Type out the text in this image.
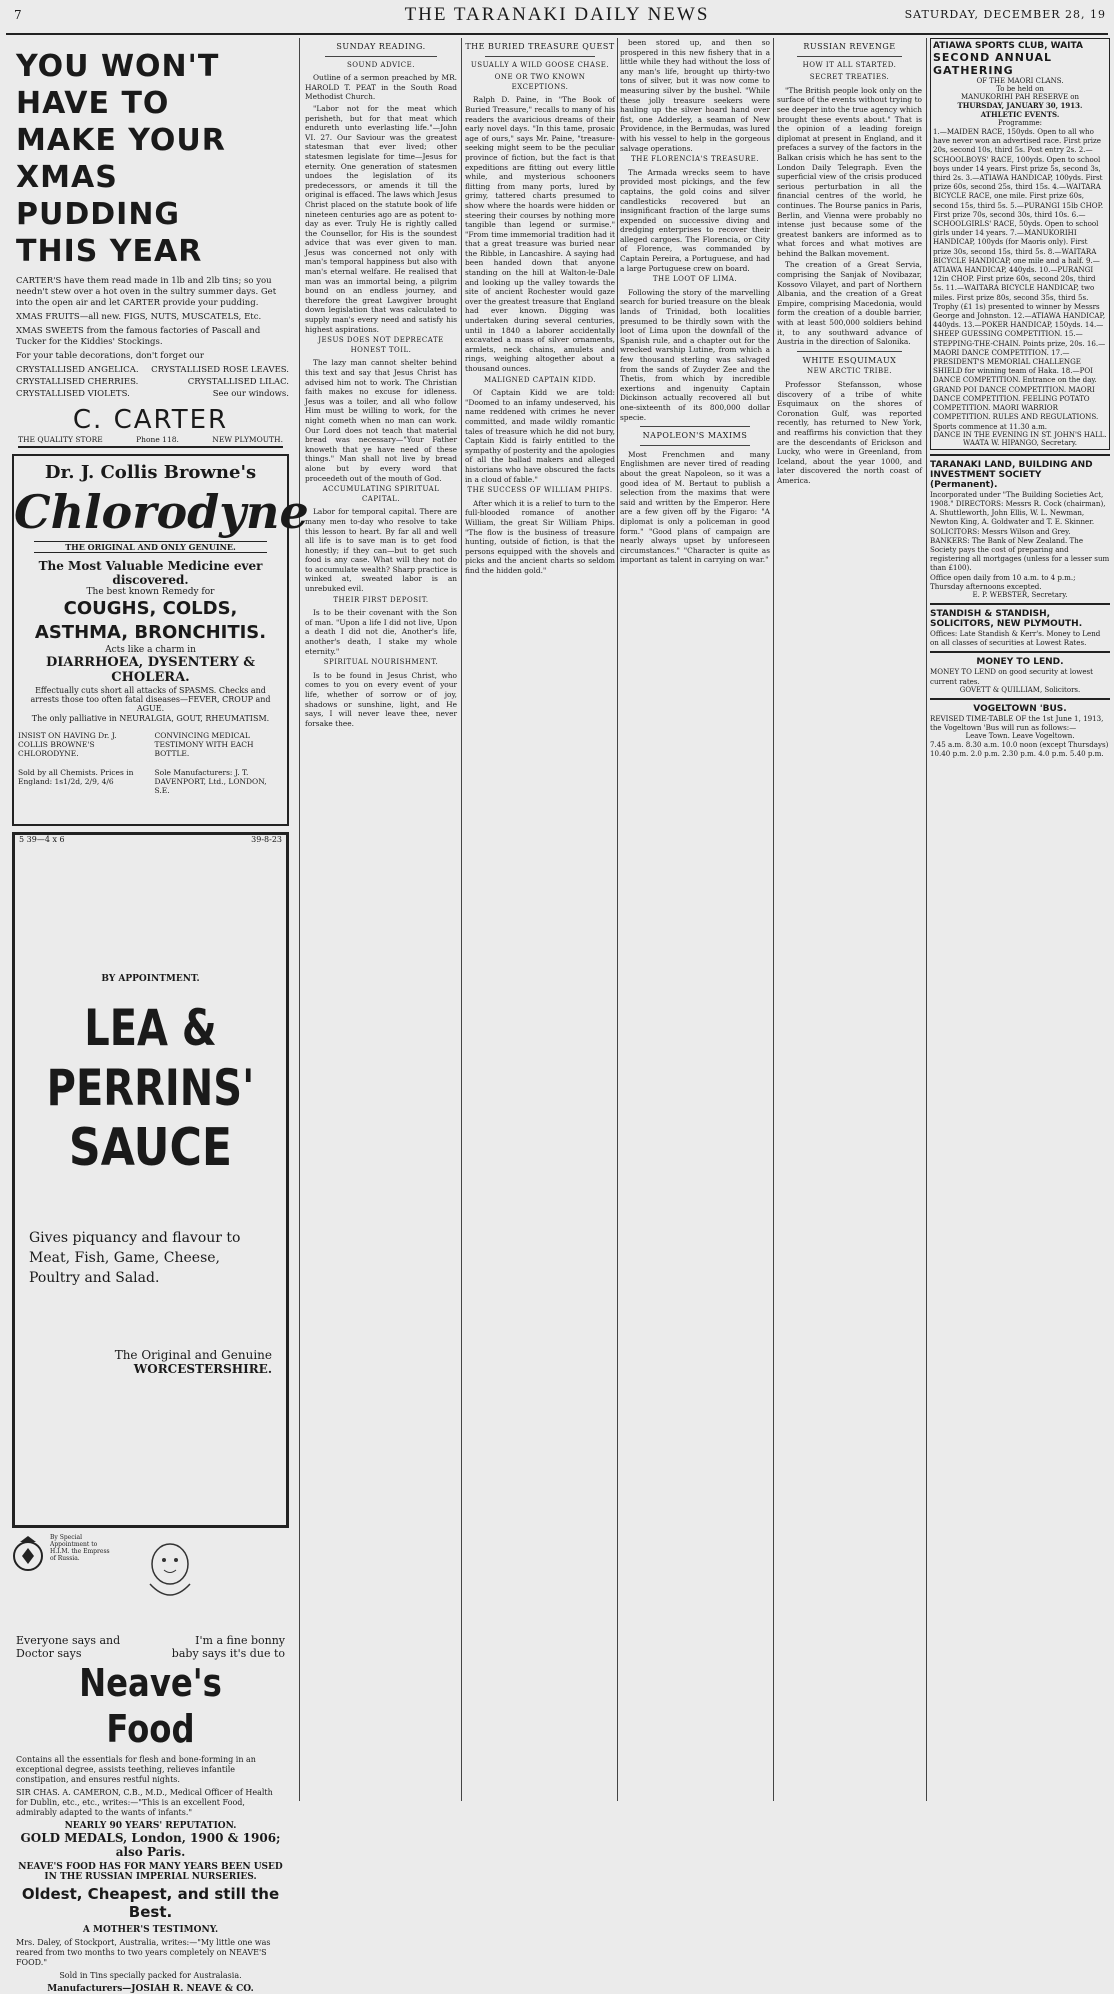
7	THE TARANAKI DAILY NEWS	SATURDAY, DECEMBER 28, 19
YOU WON'T HAVE TO
MAKE YOUR
XMAS PUDDING
THIS YEAR

CARTER'S have them read made in 1lb and 2lb tins; so you needn't stew over a hot oven in the sultry summer days. Get into the open air and let CARTER provide your pudding.

XMAS FRUITS—all new. FIGS, NUTS, MUSCATELS, Etc.

XMAS SWEETS from the famous factories of Pascall and Tucker for the Kiddies' Stockings.

For your table decorations, don't forget our

CRYSTALLISED ANGELICA. CRYSTALLISED ROSE LEAVES.
CRYSTALLISED CHERRIES.	CRYSTALLISED LILAC.
CRYSTALLISED VIOLETS.	See our windows.
C. CARTER
THE QUALITY STORE	Phone 118.	NEW PLYMOUTH.
Dr. J. Collis Browne's
Chlorodyne
THE ORIGINAL AND ONLY GENUINE.
The Most Valuable Medicine ever discovered.
The best known Remedy for
COUGHS, COLDS,
ASTHMA, BRONCHITIS.
Acts like a charm in
DIARRHOEA, DYSENTERY & CHOLERA.
Effectually cuts short all attacks of SPASMS. Checks and arrests those too often fatal diseases—FEVER, CROUP and AGUE.
The only palliative in NEURALGIA, GOUT, RHEUMATISM.
INSIST ON HAVING Dr. J. COLLIS BROWNE'S CHLORODYNE.
CONVINCING MEDICAL TESTIMONY WITH EACH BOTTLE.
Sold by all Chemists. Prices in England: 1s1/2d, 2/9, 4/6
Sole Manufacturers: J. T. DAVENPORT, Ltd., LONDON, S.E.
5 39—4 x 6	39-8-23
BY APPOINTMENT.
LEA & PERRINS'
SAUCE
Gives piquancy and flavour to
Meat, Fish, Game, Cheese,
Poultry and Salad.
The Original and Genuine
WORCESTERSHIRE.
By Special Appointment to H.I.M. the Empress of Russia.
Everyone says and Doctor says
I'm a fine bonny baby says it's due to
Neave's Food

Contains all the essentials for flesh and bone-forming in an exceptional degree, assists teething, relieves infantile constipation, and ensures restful nights.

SIR CHAS. A. CAMERON, C.B., M.D., Medical Officer of Health for Dublin, etc., etc., writes:—"This is an excellent Food, admirably adapted to the wants of infants."

NEARLY 90 YEARS' REPUTATION.
GOLD MEDALS, London, 1900 & 1906; also Paris.

NEAVE'S FOOD HAS FOR MANY YEARS BEEN USED IN THE RUSSIAN IMPERIAL NURSERIES.

Oldest, Cheapest, and still the Best.
A MOTHER'S TESTIMONY.

Mrs. Daley, of Stockport, Australia, writes:—"My little one was reared from two months to two years completely on NEAVE'S FOOD."

Sold in Tins specially packed for Australasia.

Manufacturers—JOSIAH R. NEAVE & CO.

SUNDAY READING.
SOUND ADVICE.

Outline of a sermon preached by MR. HAROLD T. PEAT in the South Road Methodist Church.

"Labor not for the meat which perisheth, but for that meat which endureth unto everlasting life."—John VI. 27. Our Saviour was the greatest statesman that ever lived; other statesmen legislate for time—Jesus for eternity. One generation of statesmen undoes the legislation of its predecessors, or amends it till the original is effaced. The laws which Jesus Christ placed on the statute book of life nineteen centuries ago are as potent to-day as ever. Truly He is rightly called the Counsellor, for His is the soundest advice that was ever given to man. Jesus was concerned not only with man's temporal happiness but also with man's eternal welfare. He realised that man was an immortal being, a pilgrim bound on an endless journey, and therefore the great Lawgiver brought down legislation that was calculated to supply man's every need and satisfy his highest aspirations.

JESUS DOES NOT DEPRECATE HONEST TOIL.

The lazy man cannot shelter behind this text and say that Jesus Christ has advised him not to work. The Christian faith makes no excuse for idleness. Jesus was a toiler, and all who follow Him must be willing to work, for the night cometh when no man can work. Our Lord does not teach that material bread was necessary—"Your Father knoweth that ye have need of these things." Man shall not live by bread alone but by every word that proceedeth out of the mouth of God.

ACCUMULATING SPIRITUAL CAPITAL.

Labor for temporal capital. There are many men to-day who resolve to take this lesson to heart. By far all and well all life is to save man is to get food honestly; if they can—but to get such food is any case. What will they not do to accumulate wealth? Sharp practice is winked at, sweated labor is an unrebuked evil.

THEIR FIRST DEPOSIT.

Is to be their covenant with the Son of man. "Upon a life I did not live, Upon a death I did not die, Another's life, another's death, I stake my whole eternity."

SPIRITUAL NOURISHMENT.

Is to be found in Jesus Christ, who comes to you on every event of your life, whether of sorrow or of joy, shadows or sunshine, light, and He says, I will never leave thee, never forsake thee.

THE BURIED TREASURE QUEST
USUALLY A WILD GOOSE CHASE.
ONE OR TWO KNOWN EXCEPTIONS.

Ralph D. Paine, in "The Book of Buried Treasure," recalls to many of his readers the avaricious dreams of their early novel days. "In this tame, prosaic age of ours," says Mr. Paine, "treasure-seeking might seem to be the peculiar province of fiction, but the fact is that expeditions are fitting out every little while, and mysterious schooners flitting from many ports, lured by grimy, tattered charts presumed to show where the hoards were hidden or steering their courses by nothing more tangible than legend or surmise." "From time immemorial tradition had it that a great treasure was buried near the Ribble, in Lancashire. A saying had been handed down that anyone standing on the hill at Walton-le-Dale and looking up the valley towards the site of ancient Rochester would gaze over the greatest treasure that England had ever known. Digging was undertaken during several centuries, until in 1840 a laborer accidentally excavated a mass of silver ornaments, armlets, neck chains, amulets and rings, weighing altogether about a thousand ounces.

MALIGNED CAPTAIN KIDD.

Of Captain Kidd we are told: "Doomed to an infamy undeserved, his name reddened with crimes he never committed, and made wildly romantic tales of treasure which he did not bury, Captain Kidd is fairly entitled to the sympathy of posterity and the apologies of all the ballad makers and alleged historians who have obscured the facts in a cloud of fable."

THE SUCCESS OF WILLIAM PHIPS.

After which it is a relief to turn to the full-blooded romance of another William, the great Sir William Phips. "The flow is the business of treasure hunting, outside of fiction, is that the persons equipped with the shovels and picks and the ancient charts so seldom find the hidden gold."

been stored up, and then so prospered in this new fishery that in a little while they had without the loss of any man's life, brought up thirty-two tons of silver, but it was now come to measuring silver by the bushel. "While these jolly treasure seekers were hauling up the silver hoard hand over fist, one Adderley, a seaman of New Providence, in the Bermudas, was lured with his vessel to help in the gorgeous salvage operations.

THE FLORENCIA'S TREASURE.

The Armada wrecks seem to have provided most pickings, and the few captains, the gold coins and silver candlesticks recovered but an insignificant fraction of the large sums expended on successive diving and dredging enterprises to recover their alleged cargoes. The Florencia, or City of Florence, was commanded by Captain Pereira, a Portuguese, and had a large Portuguese crew on board.

THE LOOT OF LIMA.

Following the story of the marvelling search for buried treasure on the bleak lands of Trinidad, both localities presumed to be thirdly sown with the loot of Lima upon the downfall of the Spanish rule, and a chapter out for the wrecked warship Lutine, from which a few thousand sterling was salvaged from the sands of Zuyder Zee and the Thetis, from which by incredible exertions and ingenuity Captain Dickinson actually recovered all but one-sixteenth of its 800,000 dollar specie.

NAPOLEON'S MAXIMS

Most Frenchmen and many Englishmen are never tired of reading about the great Napoleon, so it was a good idea of M. Bertaut to publish a selection from the maxims that were said and written by the Emperor. Here are a few given off by the Figaro: "A diplomat is only a policeman in good form." "Good plans of campaign are nearly always upset by unforeseen circumstances." "Character is quite as important as talent in carrying on war."

RUSSIAN REVENGE
HOW IT ALL STARTED.
SECRET TREATIES.

"The British people look only on the surface of the events without trying to see deeper into the true agency which brought these events about." That is the opinion of a leading foreign diplomat at present in England, and it prefaces a survey of the factors in the Balkan crisis which he has sent to the London Daily Telegraph. Even the superficial view of the crisis produced serious perturbation in all the financial centres of the world, he continues. The Bourse panics in Paris, Berlin, and Vienna were probably no intense just because some of the greatest bankers are informed as to what forces and what motives are behind the Balkan movement.

The creation of a Great Servia, comprising the Sanjak of Novibazar, Kossovo Vilayet, and part of Northern Albania, and the creation of a Great Empire, comprising Macedonia, would form the creation of a double barrier, with at least 500,000 soldiers behind it, to any southward advance of Austria in the direction of Salonika.

WHITE ESQUIMAUX
NEW ARCTIC TRIBE.

Professor Stefansson, whose discovery of a tribe of white Esquimaux on the shores of Coronation Gulf, was reported recently, has returned to New York, and reaffirms his conviction that they are the descendants of Erickson and Lucky, who were in Greenland, from Iceland, about the year 1000, and later discovered the north coast of America.

ATIAWA SPORTS CLUB, WAITA
SECOND ANNUAL GATHERING
OF THE MAORI CLANS.
To be held on
MANUKORIHI PAH RESERVE on
THURSDAY, JANUARY 30, 1913.
ATHLETIC EVENTS.
Programme:

1.—MAIDEN RACE, 150yds. Open to all who have never won an advertised race. First prize 20s, second 10s, third 5s. Post entry 2s. 2.—SCHOOLBOYS' RACE, 100yds. Open to school boys under 14 years. First prize 5s, second 3s, third 2s. 3.—ATIAWA HANDICAP, 100yds. First prize 60s, second 25s, third 15s. 4.—WAITARA BICYCLE RACE, one mile. First prize 60s, second 15s, third 5s. 5.—PURANGI 15lb CHOP. First prize 70s, second 30s, third 10s. 6.—SCHOOLGIRLS' RACE, 50yds. Open to school girls under 14 years. 7.—MANUKORIHI HANDICAP, 100yds (for Maoris only). First prize 30s, second 15s, third 5s. 8.—WAITARA BICYCLE HANDICAP, one mile and a half. 9.—ATIAWA HANDICAP, 440yds. 10.—PURANGI 12in CHOP. First prize 60s, second 20s, third 5s. 11.—WAITARA BICYCLE HANDICAP, two miles. First prize 80s, second 35s, third 5s. Trophy (£1 1s) presented to winner by Messrs George and Johnston. 12.—ATIAWA HANDICAP, 440yds. 13.—POKER HANDICAP, 150yds. 14.—SHEEP GUESSING COMPETITION. 15.—STEPPING-THE-CHAIN. Points prize, 20s. 16.—MAORI DANCE COMPETITION. 17.—PRESIDENT'S MEMORIAL CHALLENGE SHIELD for winning team of Haka. 18.—POI DANCE COMPETITION. Entrance on the day. GRAND POI DANCE COMPETITION. MAORI DANCE COMPETITION. FEELING POTATO COMPETITION. MAORI WARRIOR COMPETITION. RULES AND REGULATIONS. Sports commence at 11.30 a.m.

DANCE IN THE EVENING IN ST. JOHN'S HALL.
WAATA W. HIPANGO, Secretary.
TARANAKI LAND, BUILDING AND INVESTMENT SOCIETY (Permanent).

Incorporated under "The Building Societies Act, 1908." DIRECTORS: Messrs R. Cock (chairman), A. Shuttleworth, John Ellis, W. L. Newman, Newton King, A. Goldwater and T. E. Skinner. SOLICITORS: Messrs Wilson and Grey. BANKERS: The Bank of New Zealand. The Society pays the cost of preparing and registering all mortgages (unless for a lesser sum than £100).

Office open daily from 10 a.m. to 4 p.m.; Thursday afternoons excepted.

E. P. WEBSTER, Secretary.
STANDISH & STANDISH, SOLICITORS, NEW PLYMOUTH.

Offices: Late Standish & Kerr's. Money to Lend on all classes of securities at Lowest Rates.

MONEY TO LEND.

MONEY TO LEND on good security at lowest current rates.

GOVETT & QUILLIAM, Solicitors.
VOGELTOWN 'BUS.

REVISED TIME-TABLE OF the 1st June 1, 1913, the Vogeltown 'Bus will run as follows:—

Leave Town. Leave Vogeltown.

7.45 a.m. 8.30 a.m. 10.0 noon (except Thursdays) 10.40 p.m. 2.0 p.m. 2.30 p.m. 4.0 p.m. 5.40 p.m.
